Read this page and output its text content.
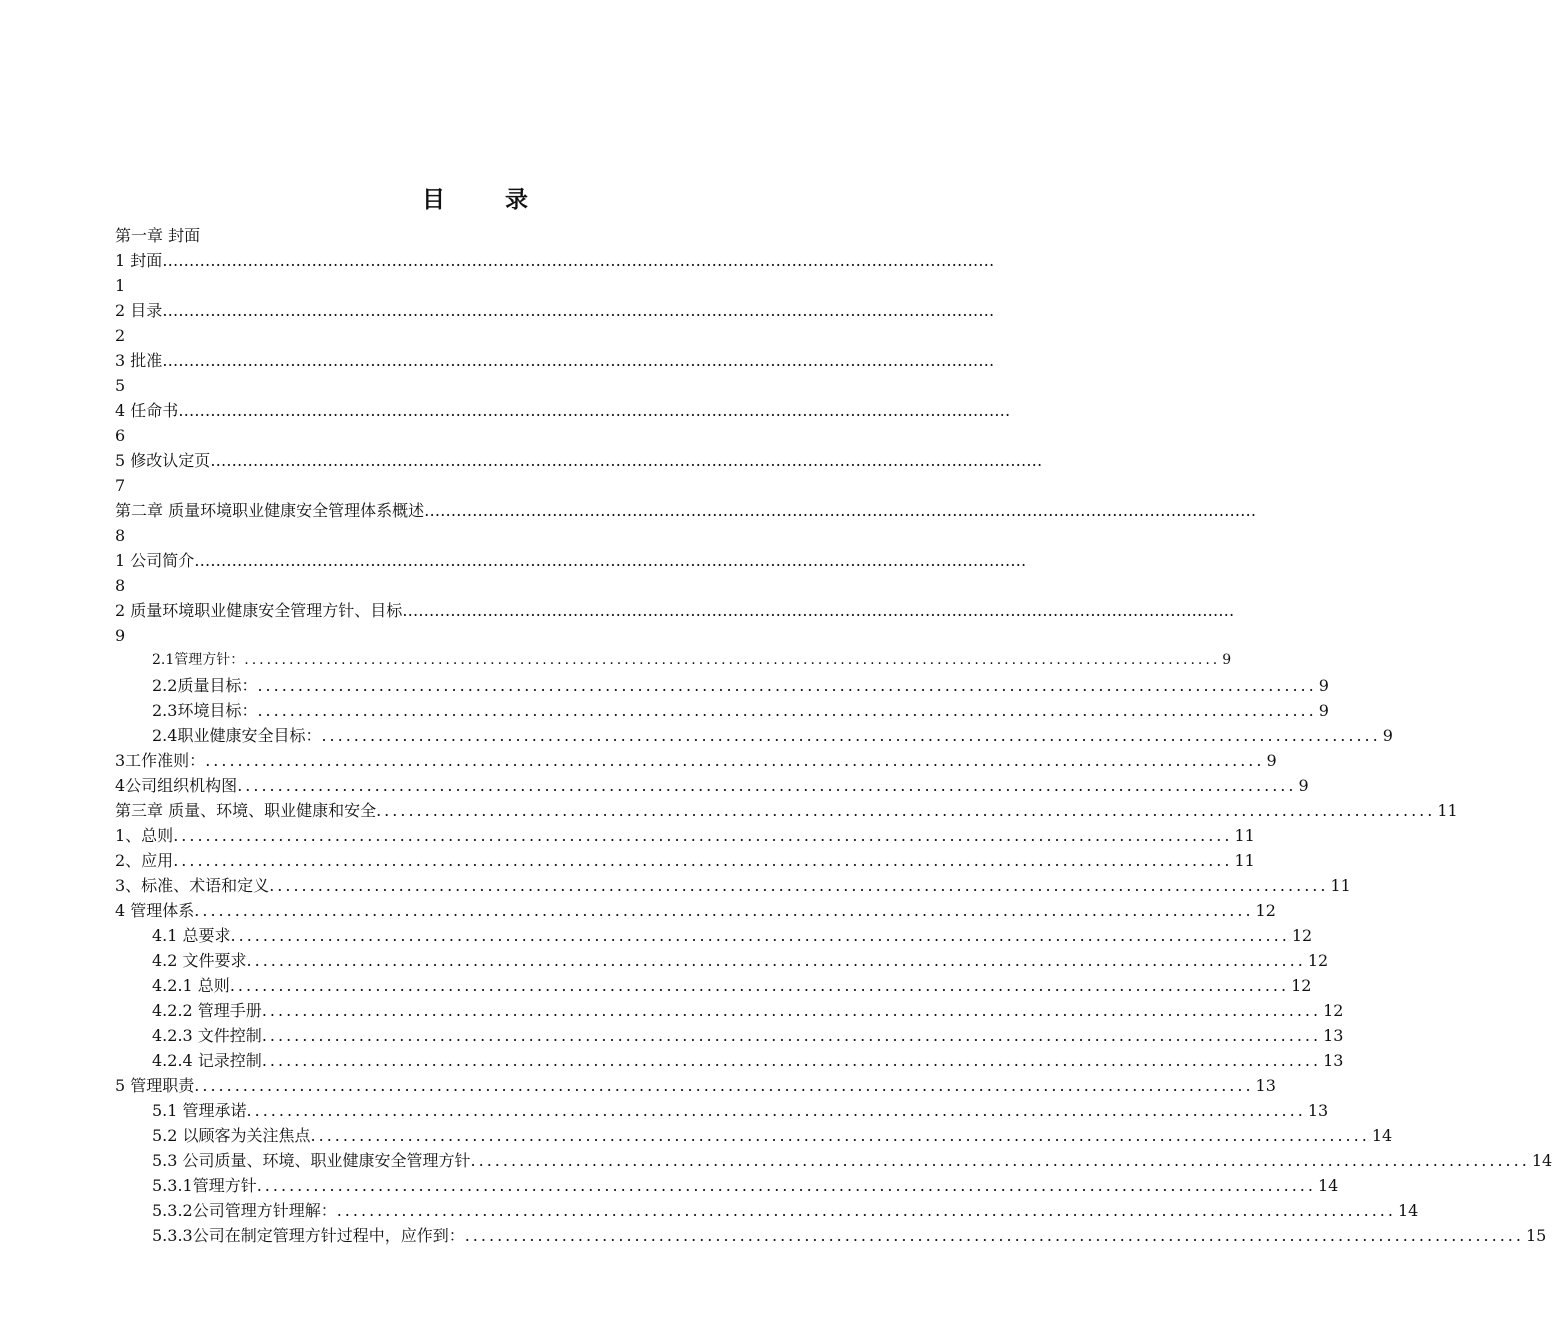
目 录
第一章 封面
1 封面 …………………………………………………………………………………………………………………………………………
1
2 目录 …………………………………………………………………………………………………………………………………………
2
3 批准 …………………………………………………………………………………………………………………………………………
5
4 任命书 …………………………………………………………………………………………………………………………………………
6
5 修改认定页 …………………………………………………………………………………………………………………………………………
7
第二章 质量环境职业健康安全管理体系概述 …………………………………………………………………………………………………………………………………………
8
1 公司简介 …………………………………………………………………………………………………………………………………………
8
2 质量环境职业健康安全管理方针、目标 …………………………………………………………………………………………………………………………………………
9
2.1管理方针： ................................................................................................................................... 9
2.2质量目标： ................................................................................................................................... 9
2.3环境目标： ................................................................................................................................... 9
2.4职业健康安全目标： ................................................................................................................................... 9
3工作准则： ................................................................................................................................... 9
4公司组织机构图 ................................................................................................................................... 9
第三章 质量、环境、职业健康和安全 ................................................................................................................................... 11
1、总则 ................................................................................................................................... 11
2、应用 ................................................................................................................................... 11
3、标准、术语和定义 ................................................................................................................................... 11
4 管理体系 ................................................................................................................................... 12
4.1 总要求 ................................................................................................................................... 12
4.2 文件要求 ................................................................................................................................... 12
4.2.1 总则 ................................................................................................................................... 12
4.2.2 管理手册 ................................................................................................................................... 12
4.2.3 文件控制 ................................................................................................................................... 13
4.2.4 记录控制 ................................................................................................................................... 13
5 管理职责 ................................................................................................................................... 13
5.1 管理承诺 ................................................................................................................................... 13
5.2 以顾客为关注焦点 ................................................................................................................................... 14
5.3 公司质量、环境、职业健康安全管理方针 ................................................................................................................................... 14
5.3.1管理方针 ................................................................................................................................... 14
5.3.2公司管理方针理解： ................................................................................................................................... 14
5.3.3公司在制定管理方针过程中，应作到： ................................................................................................................................... 15
